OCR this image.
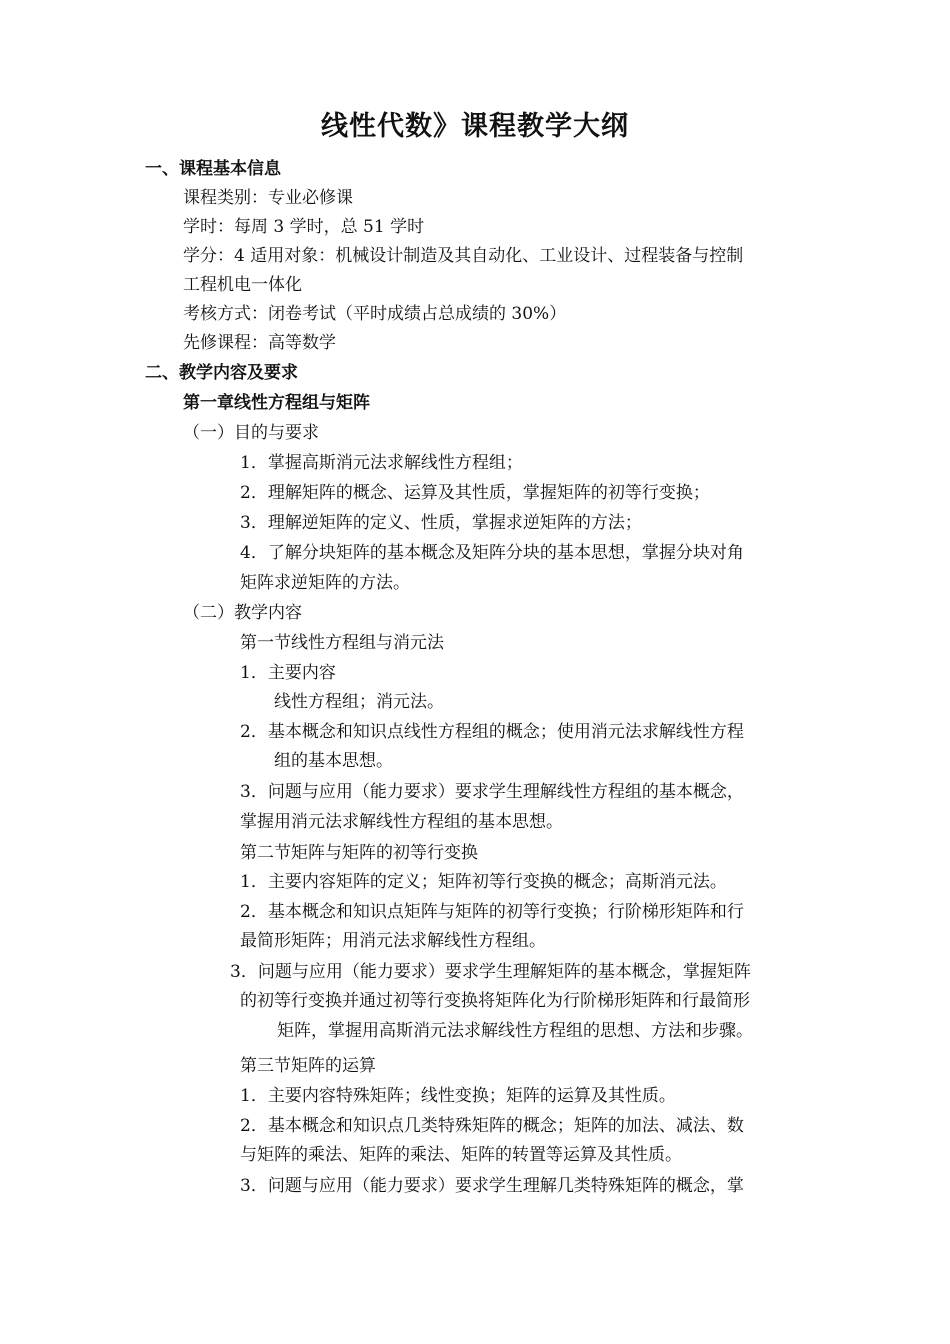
线性代数》课程教学大纲
一、课程基本信息
课程类别：专业必修课
学时：每周 3 学时，总 51 学时
学分：4 适用对象：机械设计制造及其自动化、工业设计、过程装备与控制
工程机电一体化
考核方式：闭卷考试（平时成绩占总成绩的 30%）
先修课程：高等数学
二、教学内容及要求
第一章线性方程组与矩阵
（一）目的与要求
1．掌握高斯消元法求解线性方程组；
2．理解矩阵的概念、运算及其性质，掌握矩阵的初等行变换；
3．理解逆矩阵的定义、性质，掌握求逆矩阵的方法；
4．了解分块矩阵的基本概念及矩阵分块的基本思想，掌握分块对角
矩阵求逆矩阵的方法。
（二）教学内容
第一节线性方程组与消元法
1．主要内容
线性方程组；消元法。
2．基本概念和知识点线性方程组的概念；使用消元法求解线性方程
组的基本思想。
3．问题与应用（能力要求）要求学生理解线性方程组的基本概念，
掌握用消元法求解线性方程组的基本思想。
第二节矩阵与矩阵的初等行变换
1．主要内容矩阵的定义；矩阵初等行变换的概念；高斯消元法。
2．基本概念和知识点矩阵与矩阵的初等行变换；行阶梯形矩阵和行
最简形矩阵；用消元法求解线性方程组。
3．问题与应用（能力要求）要求学生理解矩阵的基本概念，掌握矩阵
的初等行变换并通过初等行变换将矩阵化为行阶梯形矩阵和行最简形
矩阵，掌握用高斯消元法求解线性方程组的思想、方法和步骤。
第三节矩阵的运算
1．主要内容特殊矩阵；线性变换；矩阵的运算及其性质。
2．基本概念和知识点几类特殊矩阵的概念；矩阵的加法、减法、数
与矩阵的乘法、矩阵的乘法、矩阵的转置等运算及其性质。
3．问题与应用（能力要求）要求学生理解几类特殊矩阵的概念，掌
